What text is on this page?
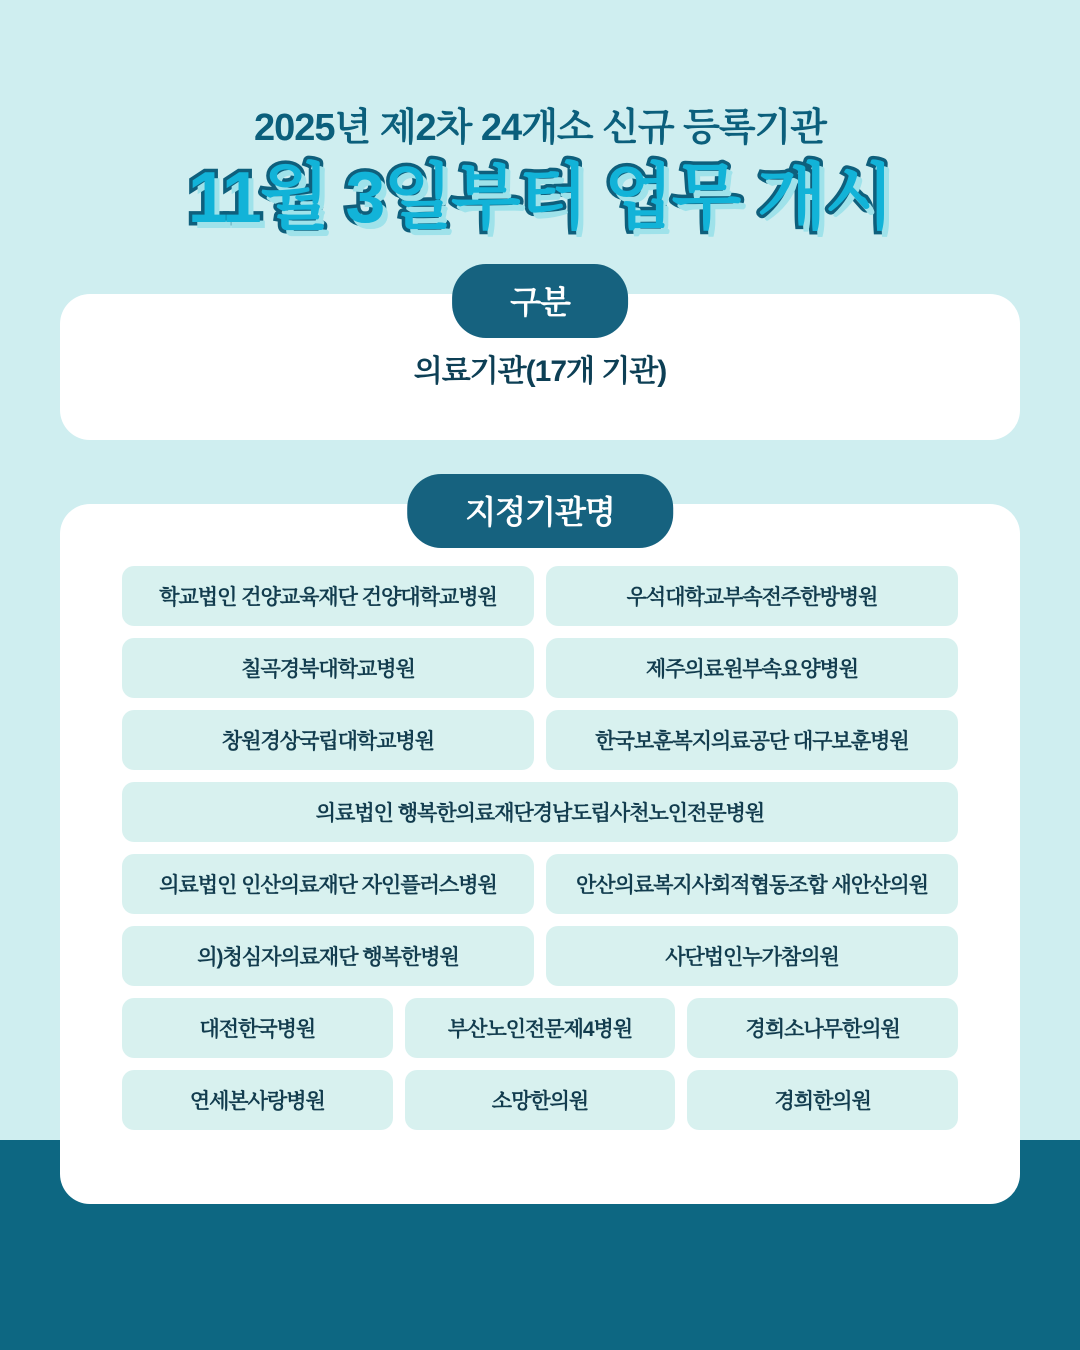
2025년 제2차 24개소 신규 등록기관

11월 3일부터 업무 개시
구분
의료기관(17개 기관)
지정기관명
학교법인 건양교육재단 건양대학교병원	우석대학교부속전주한방병원
칠곡경북대학교병원	제주의료원부속요양병원
창원경상국립대학교병원	한국보훈복지의료공단 대구보훈병원
의료법인 행복한의료재단경남도립사천노인전문병원
의료법인 인산의료재단 자인플러스병원	안산의료복지사회적협동조합 새안산의원
의)청심자의료재단 행복한병원	사단법인누가참의원
대전한국병원	부산노인전문제4병원	경희소나무한의원
연세본사랑병원	소망한의원	경희한의원
